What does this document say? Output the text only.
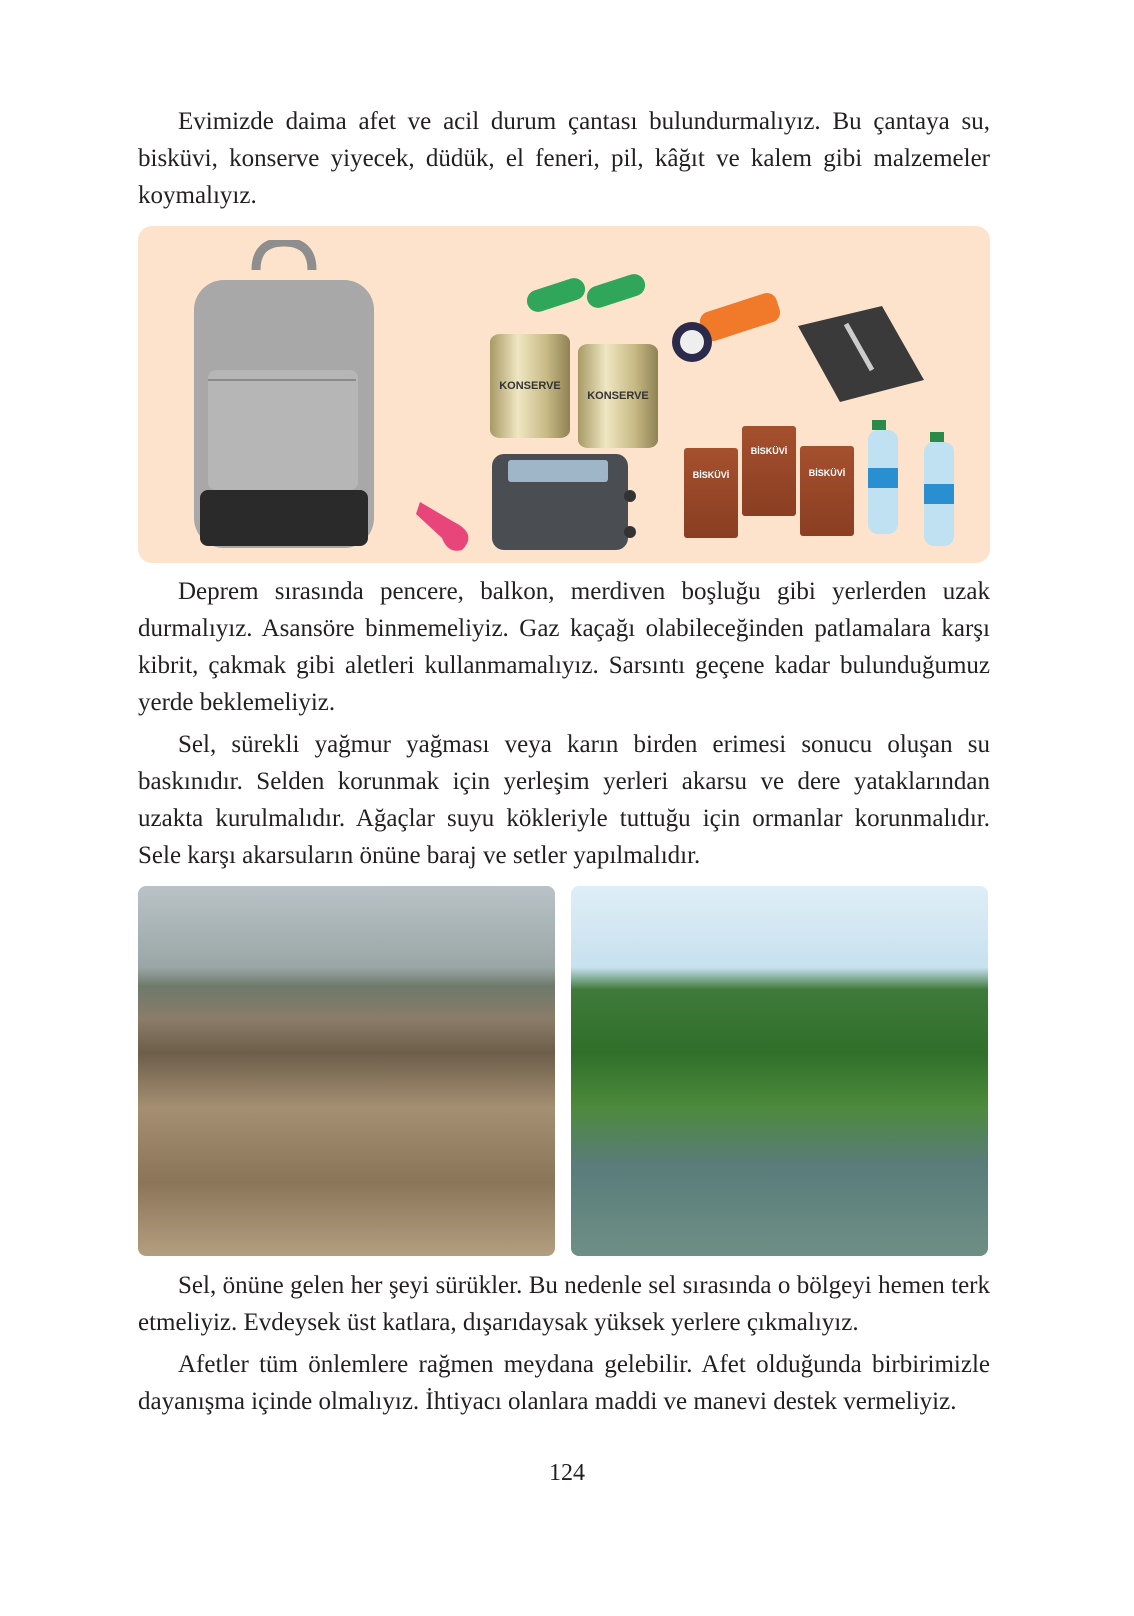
Evimizde daima afet ve acil durum çantası bulundurmalıyız. Bu çantaya su, bisküvi, konserve yiyecek, düdük, el feneri, pil, kâğıt ve kalem gibi malzemeler koymalıyız.

KONSERVE
KONSERVE
BİSKÜVİ
BİSKÜVİ
BİSKÜVİ

Deprem sırasında pencere, balkon, merdiven boşluğu gibi yerlerden uzak durmalıyız. Asansöre binmemeliyiz. Gaz kaçağı olabileceğinden patlamalara karşı kibrit, çakmak gibi aletleri kullanmamalıyız. Sarsıntı geçene kadar bulunduğumuz yerde beklemeliyiz.

Sel, sürekli yağmur yağması veya karın birden erimesi sonucu oluşan su baskınıdır. Selden korunmak için yerleşim yerleri akarsu ve dere yataklarından uzakta kurulmalıdır. Ağaçlar suyu kökleriyle tuttuğu için ormanlar korunmalıdır. Sele karşı akarsuların önüne baraj ve setler yapılmalıdır.

Sel, önüne gelen her şeyi sürükler. Bu nedenle sel sırasında o bölgeyi hemen terk etmeliyiz. Evdeysek üst katlara, dışarıdaysak yüksek yerlere çıkmalıyız.

Afetler tüm önlemlere rağmen meydana gelebilir. Afet olduğunda birbirimizle dayanışma içinde olmalıyız. İhtiyacı olanlara maddi ve manevi destek vermeliyiz.

124
